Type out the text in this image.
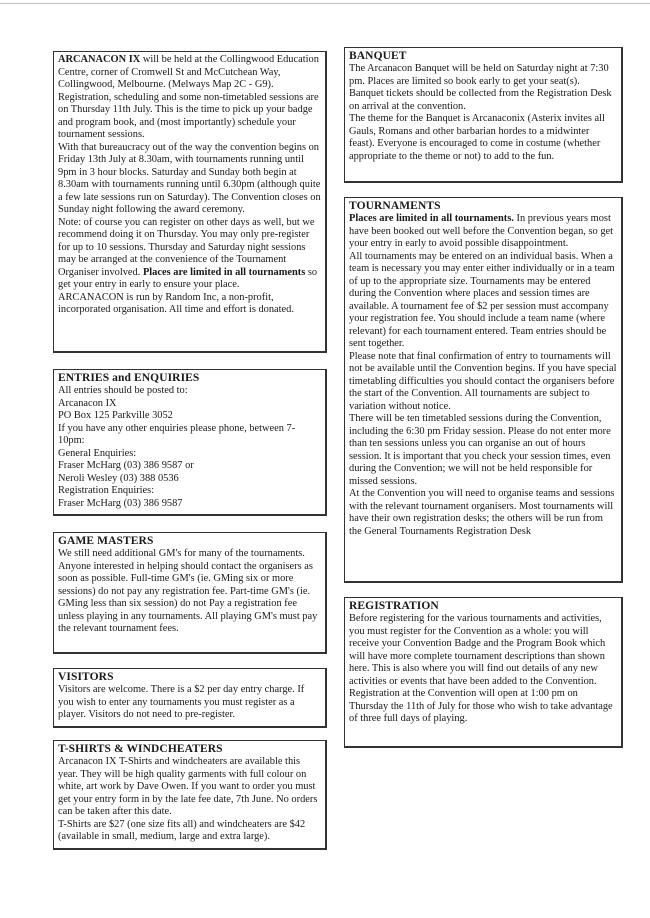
ARCANACON IX will be held at the Collingwood Education Centre, corner of Cromwell St and McCutchean Way, Collingwood, Melbourne. (Melways Map 2C - G9).

Registration, scheduling and some non-timetabled sessions are on Thursday 11th July. This is the time to pick up your badge and program book, and (most importantly) schedule your tournament sessions.

With that bureaucracy out of the way the convention begins on Friday 13th July at 8.30am, with tournaments running until 9pm in 3 hour blocks. Saturday and Sunday both begin at 8.30am with tournaments running until 6.30pm (although quite a few late sessions run on Saturday). The Convention closes on Sunday night following the award ceremony.

Note: of course you can register on other days as well, but we recommend doing it on Thursday. You may only pre-register for up to 10 sessions. Thursday and Saturday night sessions may be arranged at the convenience of the Tournament Organiser involved. Places are limited in all tournaments so get your entry in early to ensure your place.

ARCANACON is run by Random Inc, a non-profit, incorporated organisation. All time and effort is donated.

ENTRIES and ENQUIRIES

All entries should be posted to:

Arcanacon IX

PO Box 125 Parkville 3052

If you have any other enquiries please phone, between 7-10pm:

General Enquiries:

Fraser McHarg (03) 386 9587 or

Neroli Wesley (03) 388 0536

Registration Enquiries:

Fraser McHarg (03) 386 9587

GAME MASTERS

We still need additional GM's for many of the tournaments. Anyone interested in helping should contact the organisers as soon as possible. Full-time GM's (ie. GMing six or more sessions) do not pay any registration fee. Part-time GM's (ie. GMing less than six session) do not Pay a registration fee unless playing in any tournaments. All playing GM's must pay the relevant tournament fees.

VISITORS

Visitors are welcome. There is a $2 per day entry charge. If you wish to enter any tournaments you must register as a player. Visitors do not need to pre-register.

T-SHIRTS & WINDCHEATERS

Arcanacon IX T-Shirts and windcheaters are available this year. They will be high quality garments with full colour on white, art work by Dave Owen. If you want to order you must get your entry form in by the late fee date, 7th June. No orders can be taken after this date.

T-Shirts are $27 (one size fits all) and windcheaters are $42 (available in small, medium, large and extra large).

BANQUET

The Arcanacon Banquet will be held on Saturday night at 7:30 pm. Places are limited so book early to get your seat(s). Banquet tickets should be collected from the Registration Desk on arrival at the convention.

The theme for the Banquet is Arcanaconix (Asterix invites all Gauls, Romans and other barbarian hordes to a midwinter feast). Everyone is encouraged to come in costume (whether appropriate to the theme or not) to add to the fun.

TOURNAMENTS

Places are limited in all tournaments. In previous years most have been booked out well before the Convention began, so get your entry in early to avoid possible disappointment.

All tournaments may be entered on an individual basis. When a team is necessary you may enter either individually or in a team of up to the appropriate size. Tournaments may be entered during the Convention where places and session times are available. A tournament fee of $2 per session must accompany your registration fee. You should include a team name (where relevant) for each tournament entered. Team entries should be sent together.

Please note that final confirmation of entry to tournaments will not be available until the Convention begins. If you have special timetabling difficulties you should contact the organisers before the start of the Convention. All tournaments are subject to variation without notice.

There will be ten timetabled sessions during the Convention, including the 6:30 pm Friday session. Please do not enter more than ten sessions unless you can organise an out of hours session. It is important that you check your session times, even during the Convention; we will not be held responsible for missed sessions.

At the Convention you will need to organise teams and sessions with the relevant tournament organisers. Most tournaments will have their own registration desks; the others will be run from the General Tournaments Registration Desk

REGISTRATION

Before registering for the various tournaments and activities, you must register for the Convention as a whole: you will receive your Convention Badge and the Program Book which will have more complete tournament descriptions than shown here. This is also where you will find out details of any new activities or events that have been added to the Convention.

Registration at the Convention will open at 1:00 pm on Thursday the 11th of July for those who wish to take advantage of three full days of playing.
